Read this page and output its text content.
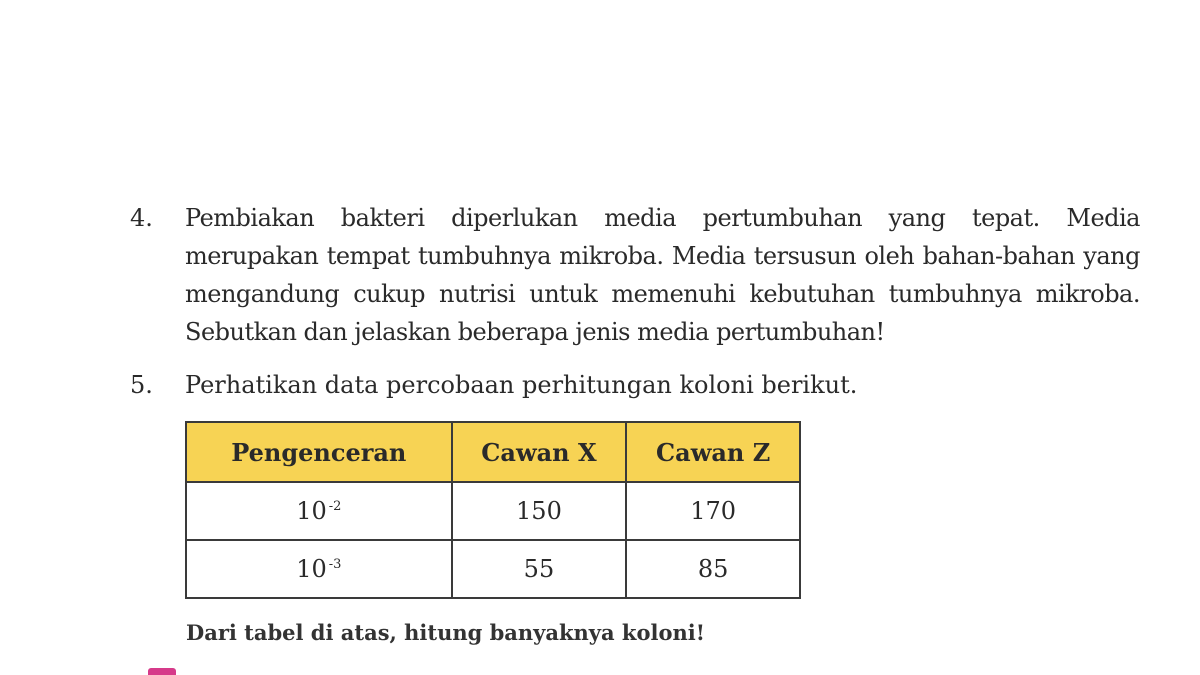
4.	Pembiakan bakteri diperlukan media pertumbuhan yang tepat. Media merupakan tempat tumbuhnya mikroba. Media tersusun oleh bahan-bahan yang mengandung cukup nutrisi untuk memenuhi kebutuhan tumbuhnya mikroba. Sebutkan dan jelaskan beberapa jenis media pertumbuhan!
5.	Perhatikan data percobaan perhitungan koloni berikut.
Pengenceran	Cawan X	Cawan Z
10 $^{-2}$	150	170
10 $^{-3}$	55	85
Dari tabel di atas, hitung banyaknya koloni!
